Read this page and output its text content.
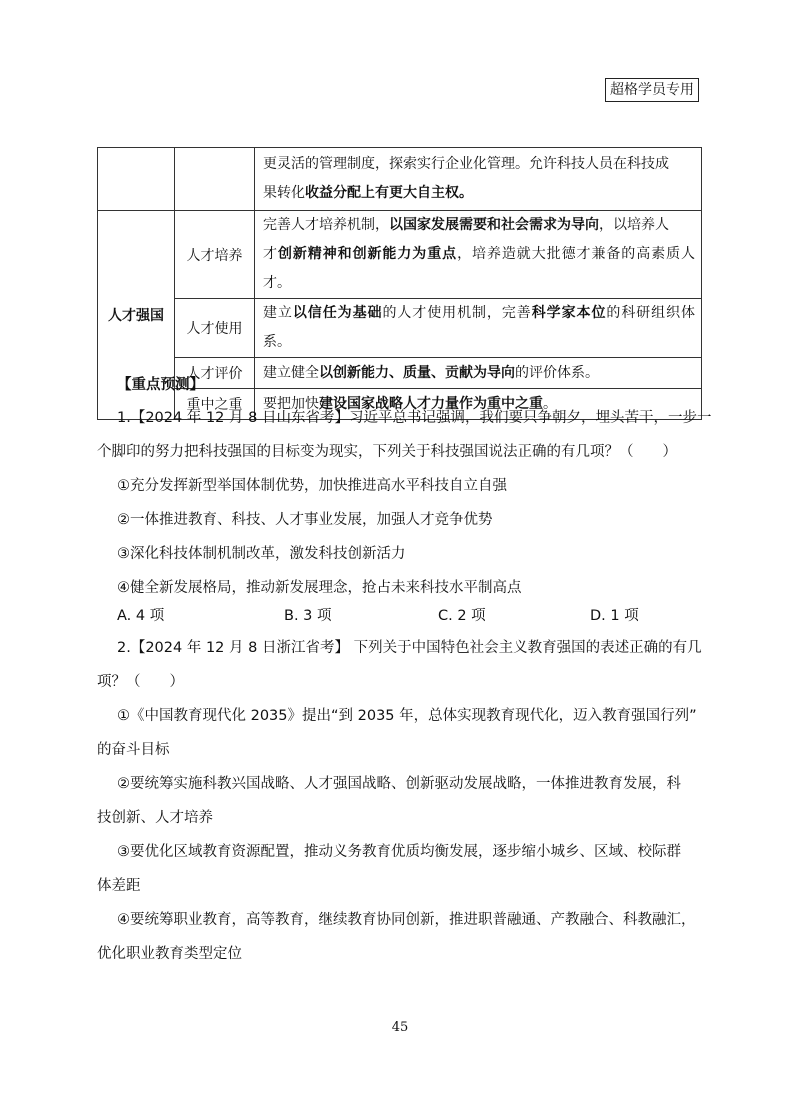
超格学员专用
		更灵活的管理制度，探索实行企业化管理。允许科技人员在科技成
果转化收益分配上有更大自主权。
人才强国	人才培养	完善人才培养机制，以国家发展需要和社会需求为导向，以培养人
才创新精神和创新能力为重点，培养造就大批德才兼备的高素质人才。
	人才使用	建立以信任为基础的人才使用机制，完善科学家本位的科研组织体系。
	人才评价	建立健全以创新能力、质量、贡献为导向的评价体系。
	重中之重	要把加快建设国家战略人才力量作为重中之重。
【重点预测】
1.【2024 年 12 月 8 日山东省考】习近平总书记强调，我们要只争朝夕，埋头苦干，一步一
个脚印的努力把科技强国的目标变为现实，下列关于科技强国说法正确的有几项？（　　）
①充分发挥新型举国体制优势，加快推进高水平科技自立自强
②一体推进教育、科技、人才事业发展，加强人才竞争优势
③深化科技体制机制改革，激发科技创新活力
④健全新发展格局，推动新发展理念，抢占未来科技水平制高点
A. 4 项	B. 3 项	C. 2 项	D. 1 项
2.【2024 年 12 月 8 日浙江省考】 下列关于中国特色社会主义教育强国的表述正确的有几
项？（　　）
①《中国教育现代化 2035》提出“到 2035 年，总体实现教育现代化，迈入教育强国行列”
的奋斗目标
②要统筹实施科教兴国战略、人才强国战略、创新驱动发展战略，一体推进教育发展，科
技创新、人才培养
③要优化区域教育资源配置，推动义务教育优质均衡发展，逐步缩小城乡、区域、校际群
体差距
④要统筹职业教育，高等教育，继续教育协同创新，推进职普融通、产教融合、科教融汇，
优化职业教育类型定位
45
